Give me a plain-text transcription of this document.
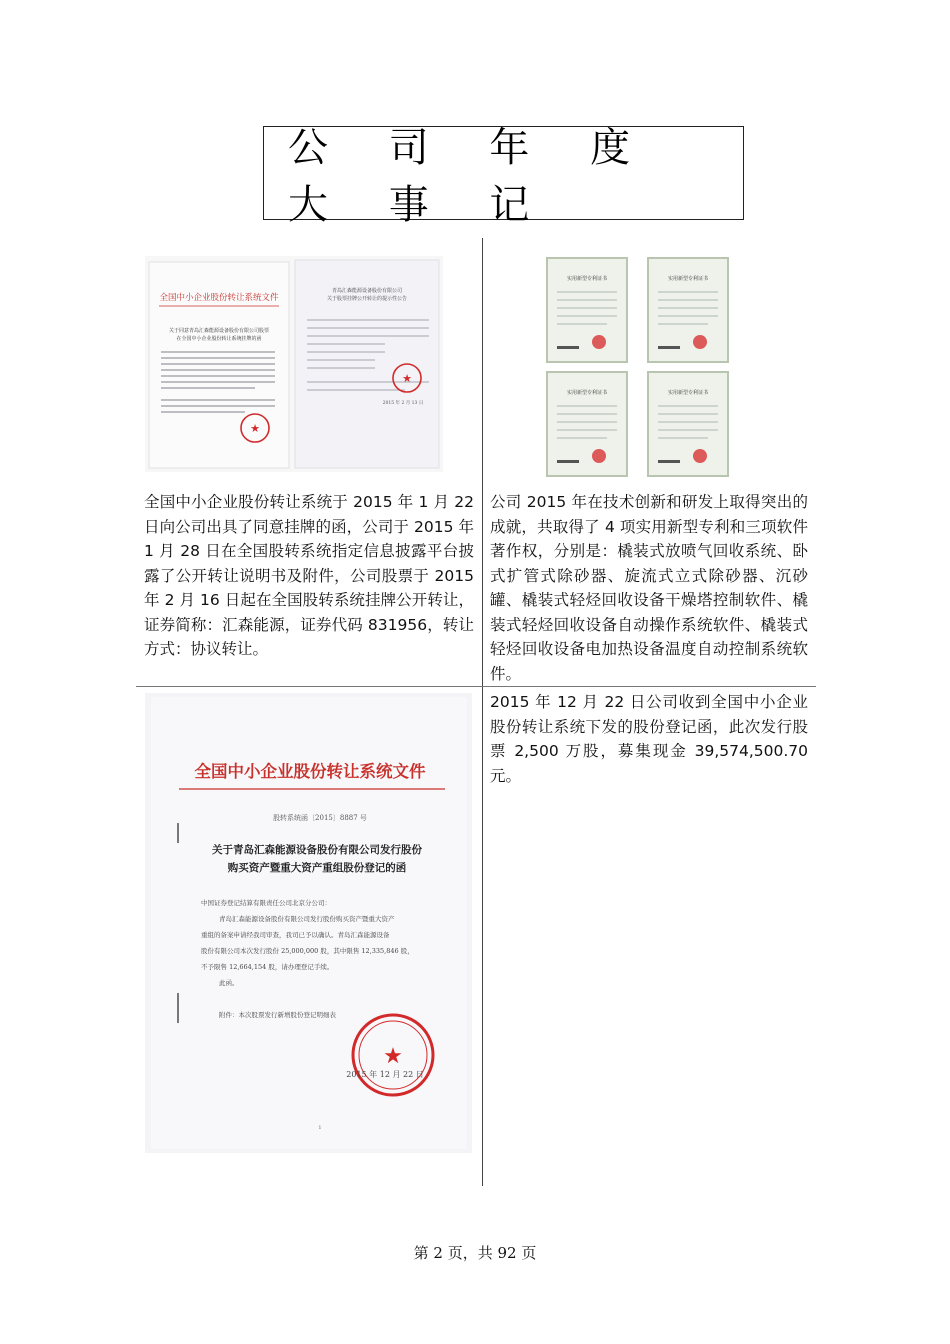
公 司 年 度 大 事 记
全国中小企业股份转让系统文件
关于同意青岛汇森能源设备股份有限公司股票
在全国中小企业股份转让系统挂牌的函
★
青岛汇森能源设备股份有限公司
关于股票挂牌公开转让的提示性公告
★
2015 年 2 月 13 日
实用新型专利证书	实用新型专利证书
实用新型专利证书	实用新型专利证书

全国中小企业股份转让系统于 2015 年 1 月 22 日向公司出具了同意挂牌的函，公司于 2015 年 1 月 28 日在全国股转系统指定信息披露平台披露了公开转让说明书及附件，公司股票于 2015 年 2 月 16 日起在全国股转系统挂牌公开转让，证券简称：汇森能源，证券代码 831956，转让方式：协议转让。

公司 2015 年在技术创新和研发上取得突出的成就，共取得了 4 项实用新型专利和三项软件著作权，分别是：橇装式放喷气回收系统、卧式扩管式除砂器、旋流式立式除砂器、沉砂罐、橇装式轻烃回收设备干燥塔控制软件、橇装式轻烃回收设备自动操作系统软件、橇装式轻烃回收设备电加热设备温度自动控制系统软件。

2015 年 12 月 22 日公司收到全国中小企业股份转让系统下发的股份登记函，此次发行股票 2,500 万股，募集现金 39,574,500.70 元。

全国中小企业股份转让系统文件
股转系统函〔2015〕8887 号
关于青岛汇森能源设备股份有限公司发行股份
购买资产暨重大资产重组股份登记的函
中国证券登记结算有限责任公司北京分公司：
青岛汇森能源设备股份有限公司发行股份购买资产暨重大资产
重组的备案申请经我司审查，我司已予以确认。青岛汇森能源设备
股份有限公司本次发行股份 25,000,000 股，其中限售 12,335,846 股，
不予限售 12,664,154 股，请办理登记手续。
此函。
附件：本次股票发行新增股份登记明细表
★
2015 年 12 月 22 日
1
第 2 页，共 92 页
